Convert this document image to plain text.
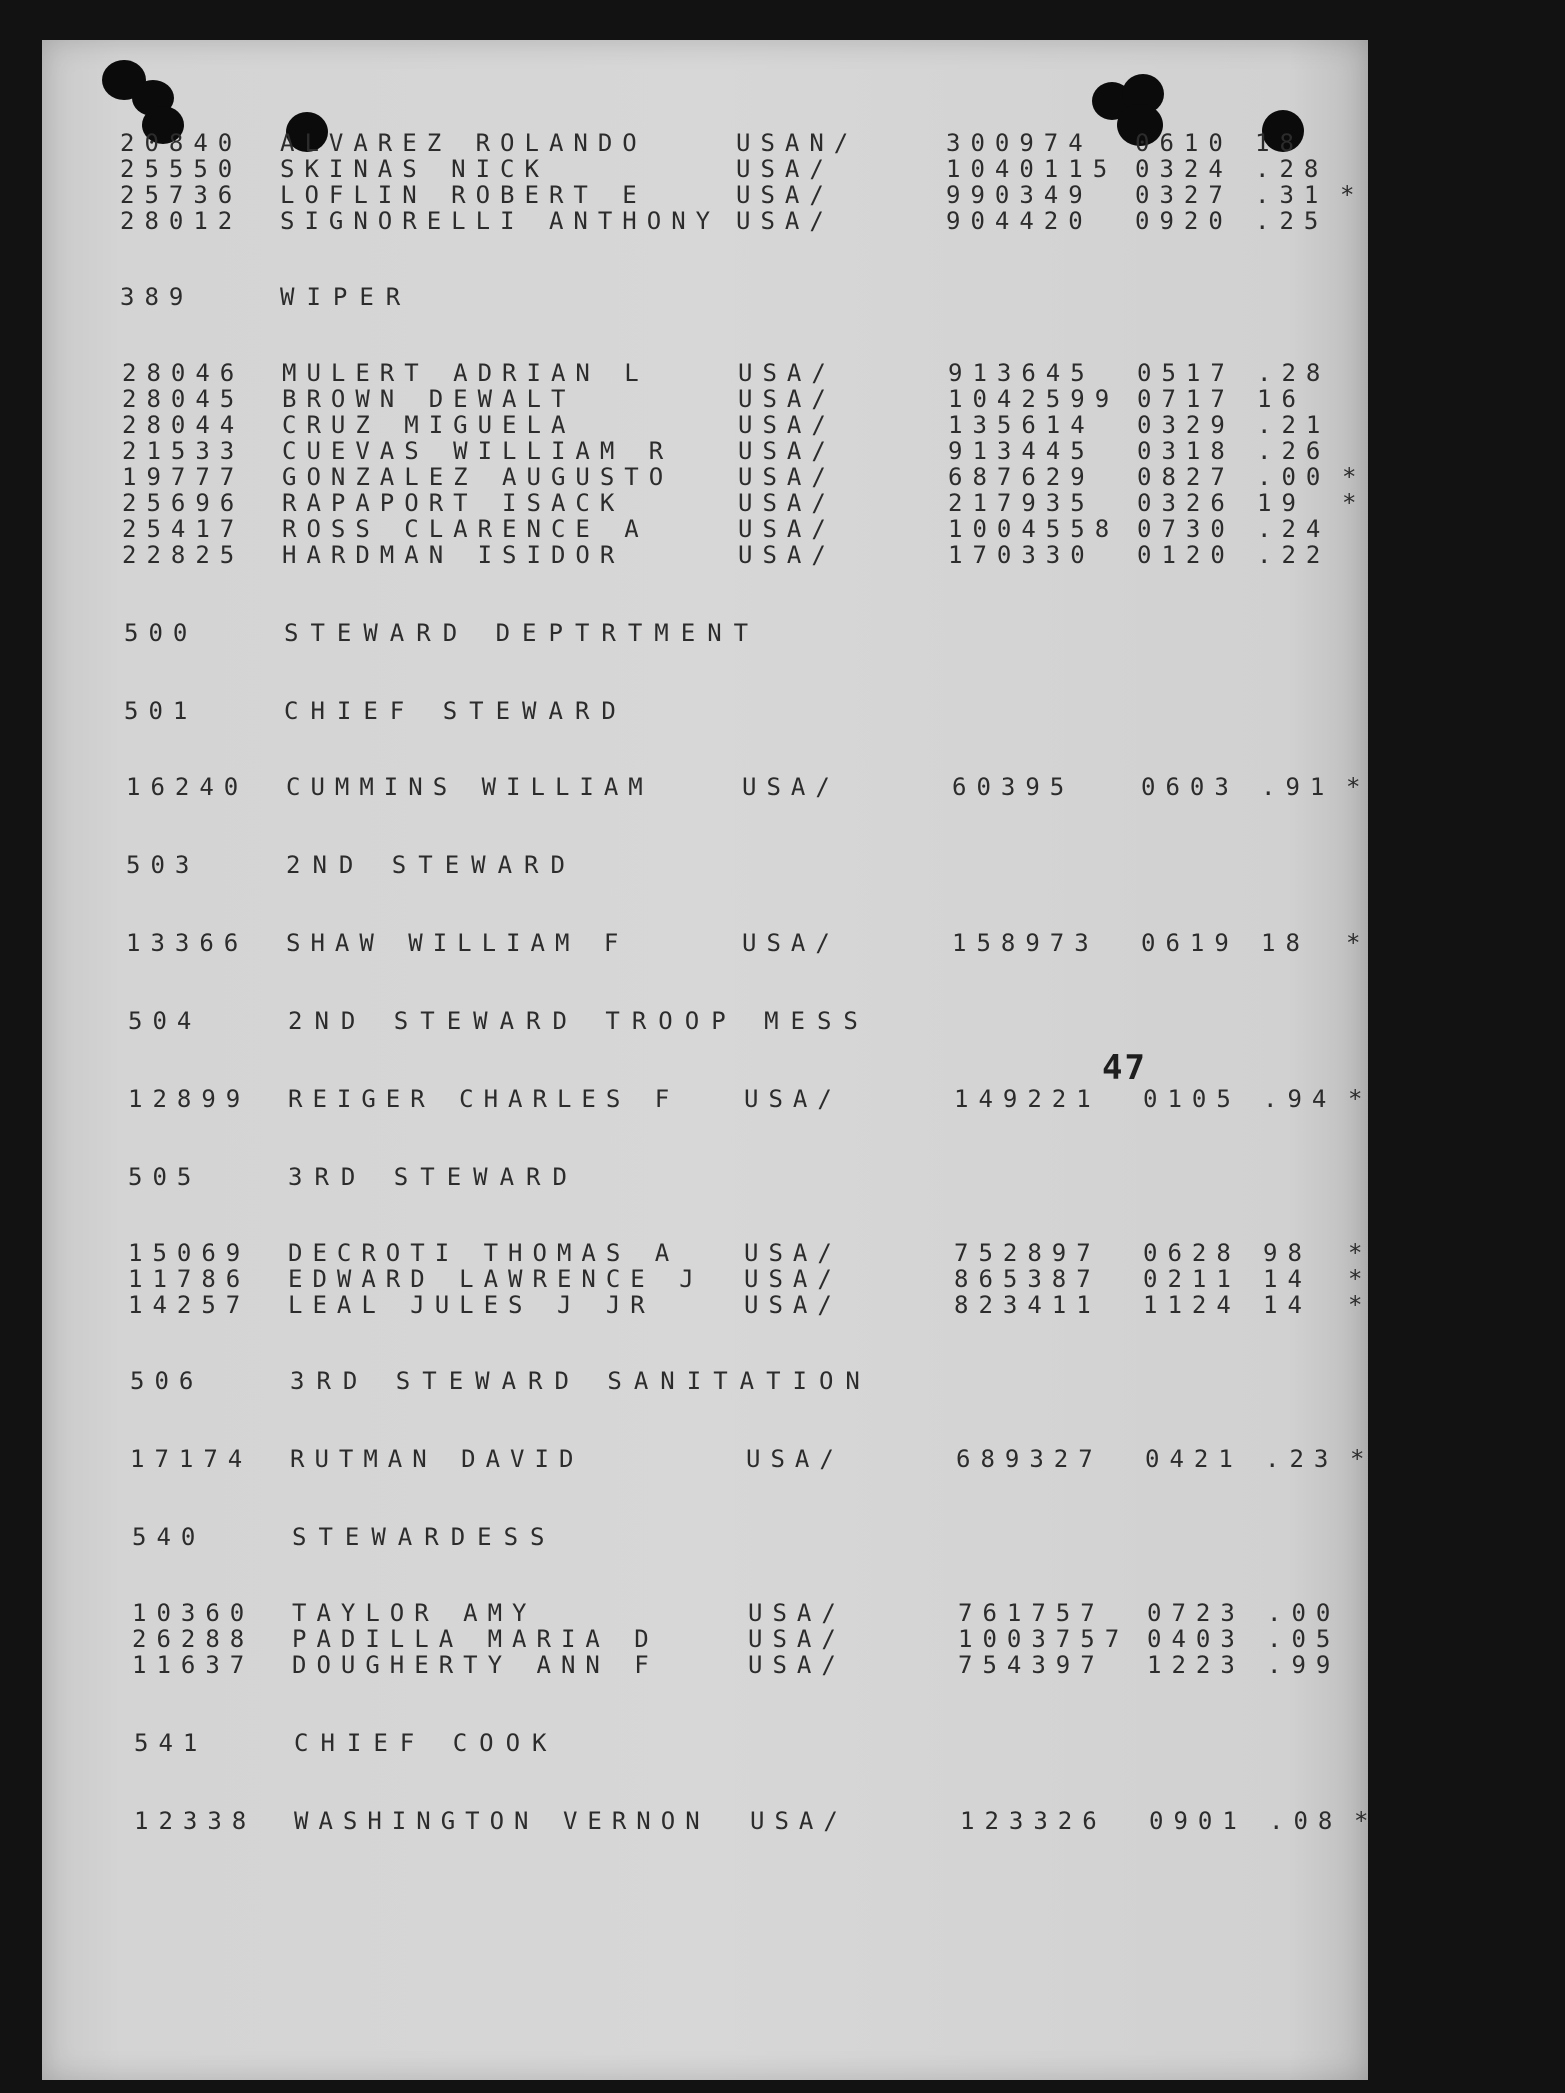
47
20840 ALVAREZ ROLANDO	USAN/	300974 0610 18
25550 SKINAS NICK	USA/	1040115 0324 .28
25736 LOFLIN ROBERT E	USA/	990349 0327 .31 *
28012 SIGNORELLI ANTHONY USA/	904420 0920 .25
389	WIPER
28046 MULERT ADRIAN L	USA/	913645 0517 .28
28045 BROWN DEWALT	USA/	1042599 0717 16
28044 CRUZ MIGUELA	USA/	135614 0329 .21
21533 CUEVAS WILLIAM R	USA/	913445 0318 .26
19777 GONZALEZ AUGUSTO	USA/	687629 0827 .00 *
25696 RAPAPORT ISACK	USA/	217935 0326 19 *
25417 ROSS CLARENCE A	USA/	1004558 0730 .24
22825 HARDMAN ISIDOR	USA/	170330 0120 .22
500	STEWARD DEPTRTMENT
501	CHIEF STEWARD
16240 CUMMINS WILLIAM	USA/	60395	0603 .91 *
503	2ND STEWARD
13366 SHAW WILLIAM F	USA/	158973 0619 18 *
504	2ND STEWARD TROOP MESS
12899 REIGER CHARLES F	USA/	149221 0105 .94 *
505	3RD STEWARD
15069 DECROTI THOMAS A	USA/	752897 0628 98 *
11786 EDWARD LAWRENCE J USA/	865387 0211 14 *
14257 LEAL JULES J JR	USA/	823411 1124 14 *
506	3RD STEWARD SANITATION
17174 RUTMAN DAVID	USA/	689327 0421 .23 *
540	STEWARDESS
10360 TAYLOR AMY	USA/	761757 0723 .00
26288 PADILLA MARIA D	USA/	1003757 0403 .05
11637 DOUGHERTY ANN F	USA/	754397 1223 .99
541	CHIEF COOK
12338 WASHINGTON VERNON USA/	123326 0901 .08 *
